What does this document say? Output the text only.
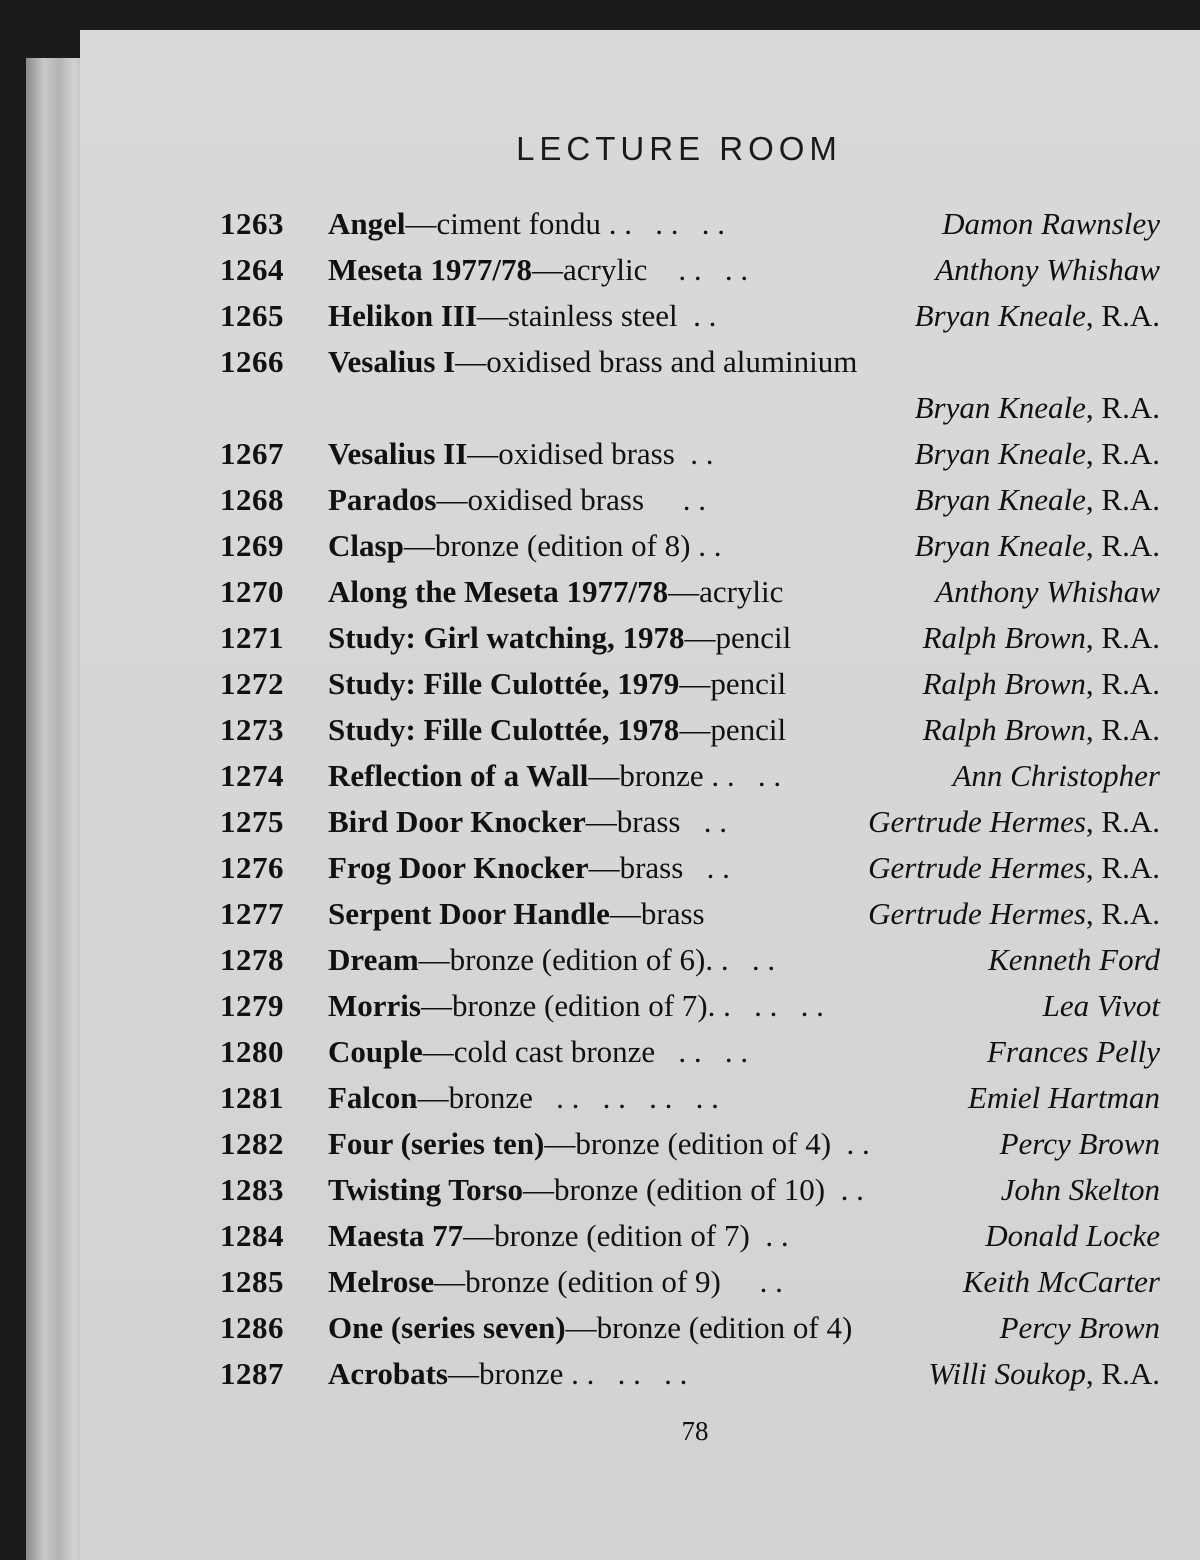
LECTURE ROOM
1263	Angel—ciment fondu . .   . .   . .	Damon Rawnsley
1264	Meseta 1977/78—acrylic    . .   . .	Anthony Whishaw
1265	Helikon III—stainless steel  . .	Bryan Kneale, R.A.
1266	Vesalius I—oxidised brass and aluminium
Bryan Kneale, R.A.
1267	Vesalius II—oxidised brass  . .	Bryan Kneale, R.A.
1268	Parados—oxidised brass     . .	Bryan Kneale, R.A.
1269	Clasp—bronze (edition of 8) . .	Bryan Kneale, R.A.
1270	Along the Meseta 1977/78—acrylic	Anthony Whishaw
1271	Study: Girl watching, 1978—pencil	Ralph Brown, R.A.
1272	Study: Fille Culottée, 1979—pencil	Ralph Brown, R.A.
1273	Study: Fille Culottée, 1978—pencil	Ralph Brown, R.A.
1274	Reflection of a Wall—bronze . .   . .	Ann Christopher
1275	Bird Door Knocker—brass   . .	Gertrude Hermes, R.A.
1276	Frog Door Knocker—brass   . .	Gertrude Hermes, R.A.
1277	Serpent Door Handle—brass	Gertrude Hermes, R.A.
1278	Dream—bronze (edition of 6). .   . .	Kenneth Ford
1279	Morris—bronze (edition of 7). .   . .   . .	Lea Vivot
1280	Couple—cold cast bronze   . .   . .	Frances Pelly
1281	Falcon—bronze   . .   . .   . .   . .	Emiel Hartman
1282	Four (series ten)—bronze (edition of 4)  . .	Percy Brown
1283	Twisting Torso—bronze (edition of 10)  . .	John Skelton
1284	Maesta 77—bronze (edition of 7)  . .	Donald Locke
1285	Melrose—bronze (edition of 9)     . .	Keith McCarter
1286	One (series seven)—bronze (edition of 4)	Percy Brown
1287	Acrobats—bronze . .   . .   . .	Willi Soukop, R.A.
78
